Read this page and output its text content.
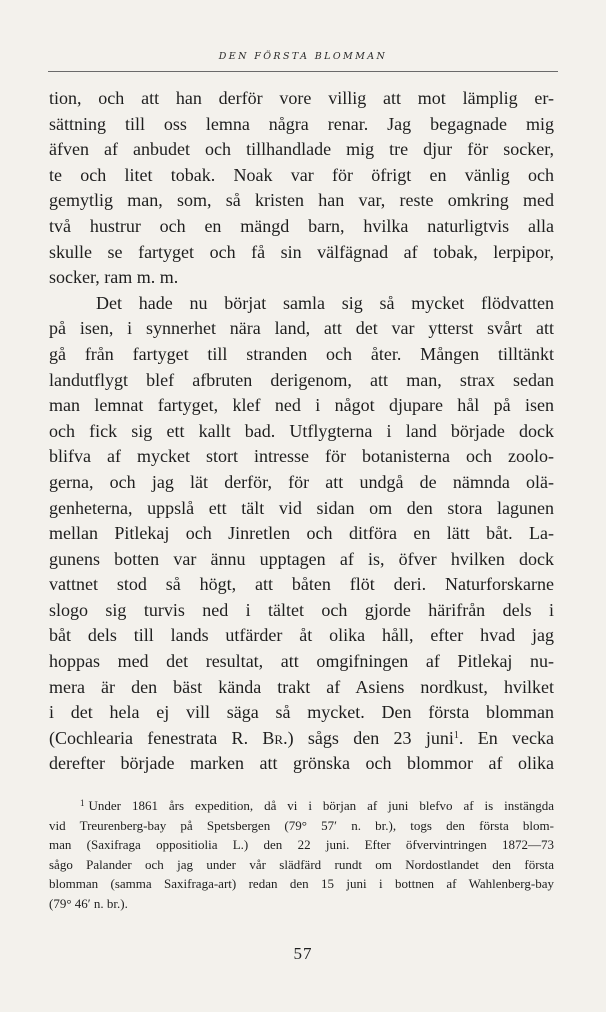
DEN FÖRSTA BLOMMAN

tion, och att han derför vore villig att mot lämplig er-
sättning till oss lemna några renar. Jag begagnade mig
äfven af anbudet och tillhandlade mig tre djur för socker,
te och litet tobak. Noak var för öfrigt en vänlig och
gemytlig man, som, så kristen han var, reste omkring med
två hustrur och en mängd barn, hvilka naturligtvis alla
skulle se fartyget och få sin välfägnad af tobak, lerpipor,
socker, ram m. m.

Det hade nu börjat samla sig så mycket flödvatten
på isen, i synnerhet nära land, att det var ytterst svårt att
gå från fartyget till stranden och åter. Mången tilltänkt
landutflygt blef afbruten derigenom, att man, strax sedan
man lemnat fartyget, klef ned i något djupare hål på isen
och fick sig ett kallt bad. Utflygterna i land började dock
blifva af mycket stort intresse för botanisterna och zoolo-
gerna, och jag lät derför, för att undgå de nämnda olä-
genheterna, uppslå ett tält vid sidan om den stora lagunen
mellan Pitlekaj och Jinretlen och ditföra en lätt båt. La-
gunens botten var ännu upptagen af is, öfver hvilken dock
vattnet stod så högt, att båten flöt deri. Naturforskarne
slogo sig turvis ned i tältet och gjorde härifrån dels i
båt dels till lands utfärder åt olika håll, efter hvad jag
hoppas med det resultat, att omgifningen af Pitlekaj nu-
mera är den bäst kända trakt af Asiens nordkust, hvilket
i det hela ej vill säga så mycket. Den första blomman
(Cochlearia fenestrata R. Br.) sågs den 23 juni$^1$. En vecka
derefter började marken att grönska och blommor af olika

$^1$ Under 1861 års expedition, då vi i början af juni blefvo af is instängda
vid Treurenberg-bay på Spetsbergen (79° 57′ n. br.), togs den första blom-
man (Saxifraga oppositiolia L.) den 22 juni. Efter öfvervintringen 1872—73
sågo Palander och jag under vår slädfärd rundt om Nordostlandet den första
blomman (samma Saxifraga-art) redan den 15 juni i bottnen af Wahlenberg-bay
(79° 46′ n. br.).
57
